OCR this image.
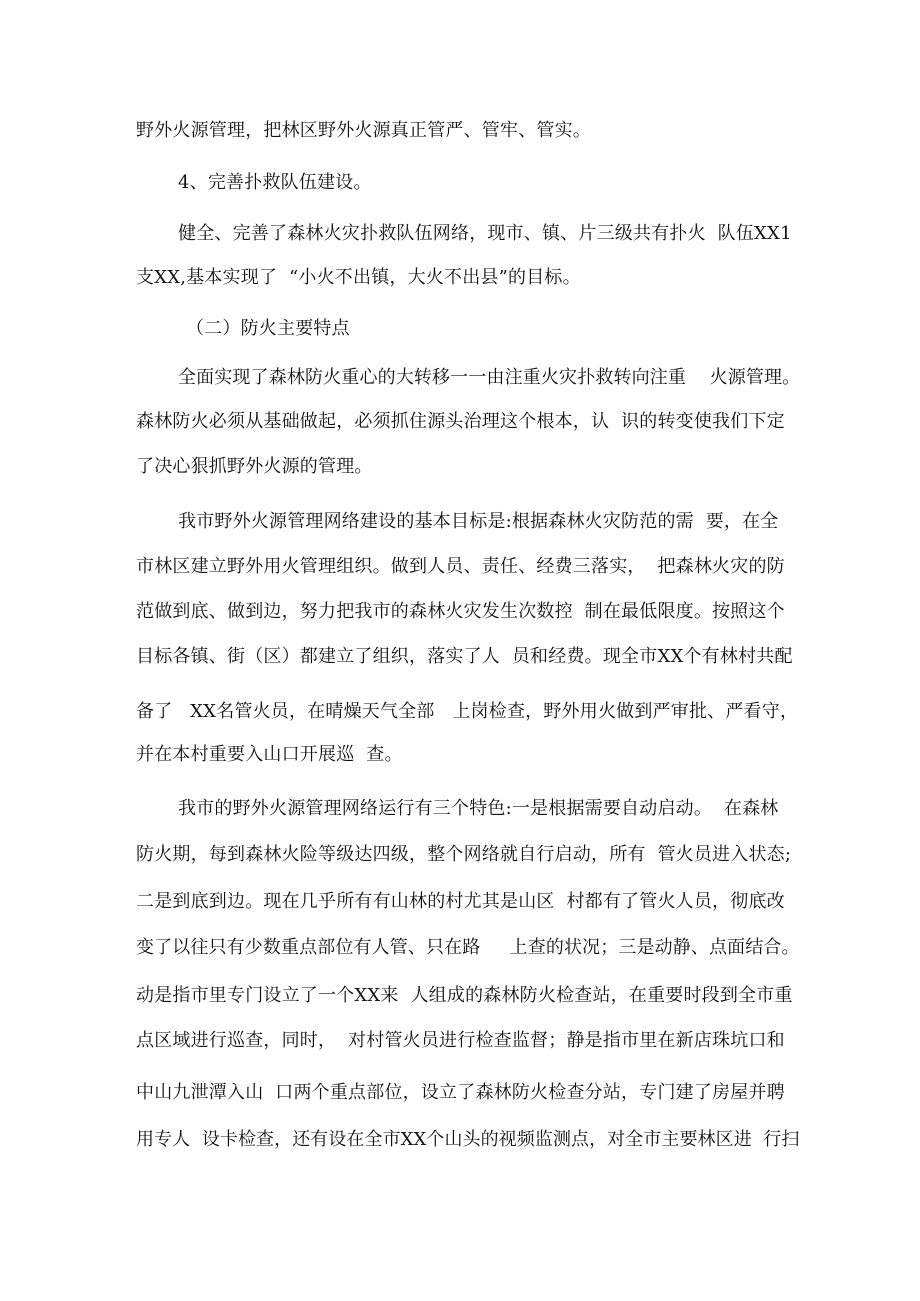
野外火源管理，把林区野外火源真正管严、管牢、管实。

4、完善扑救队伍建设。

健全、完善了森林火灾扑救队伍网络，现市、镇、片三级共有扑火  队伍XX1

支XX,基本实现了  “小火不出镇，大火不出县”的目标。

（二）防火主要特点

全面实现了森林防火重心的大转移一一由注重火灾扑救转向注重    火源管理。

森林防火必须从基础做起，必须抓住源头治理这个根本，认  识的转变使我们下定

了决心狠抓野外火源的管理。

我市野外火源管理网络建设的基本目标是:根据森林火灾防范的需  要，在全

市林区建立野外用火管理组织。做到人员、责任、经费三落实，  把森林火灾的防

范做到底、做到边，努力把我市的森林火灾发生次数控  制在最低限度。按照这个

目标各镇、街（区）都建立了组织，落实了人  员和经费。现全市XX个有林村共配

备了   XX名管火员，在晴燥天气全部   上岗检查，野外用火做到严审批、严看守，

并在本村重要入山口开展巡  查。

我市的野外火源管理网络运行有三个特色:一是根据需要自动启动。  在森林

防火期，每到森林火险等级达四级，整个网络就自行启动，所有  管火员进入状态;

二是到底到边。现在几乎所有有山林的村尤其是山区  村都有了管火人员，彻底改

变了以往只有少数重点部位有人管、只在路     上查的状况；三是动静、点面结合。

动是指市里专门设立了一个XX来  人组成的森林防火检查站，在重要时段到全市重

点区域进行巡查，同时，  对村管火员进行检查监督；静是指市里在新店珠坑口和

中山九泄潭入山  口两个重点部位，设立了森林防火检查分站，专门建了房屋并聘

用专人  设卡检查，还有设在全市XX个山头的视频监测点，对全市主要林区进  行扫
